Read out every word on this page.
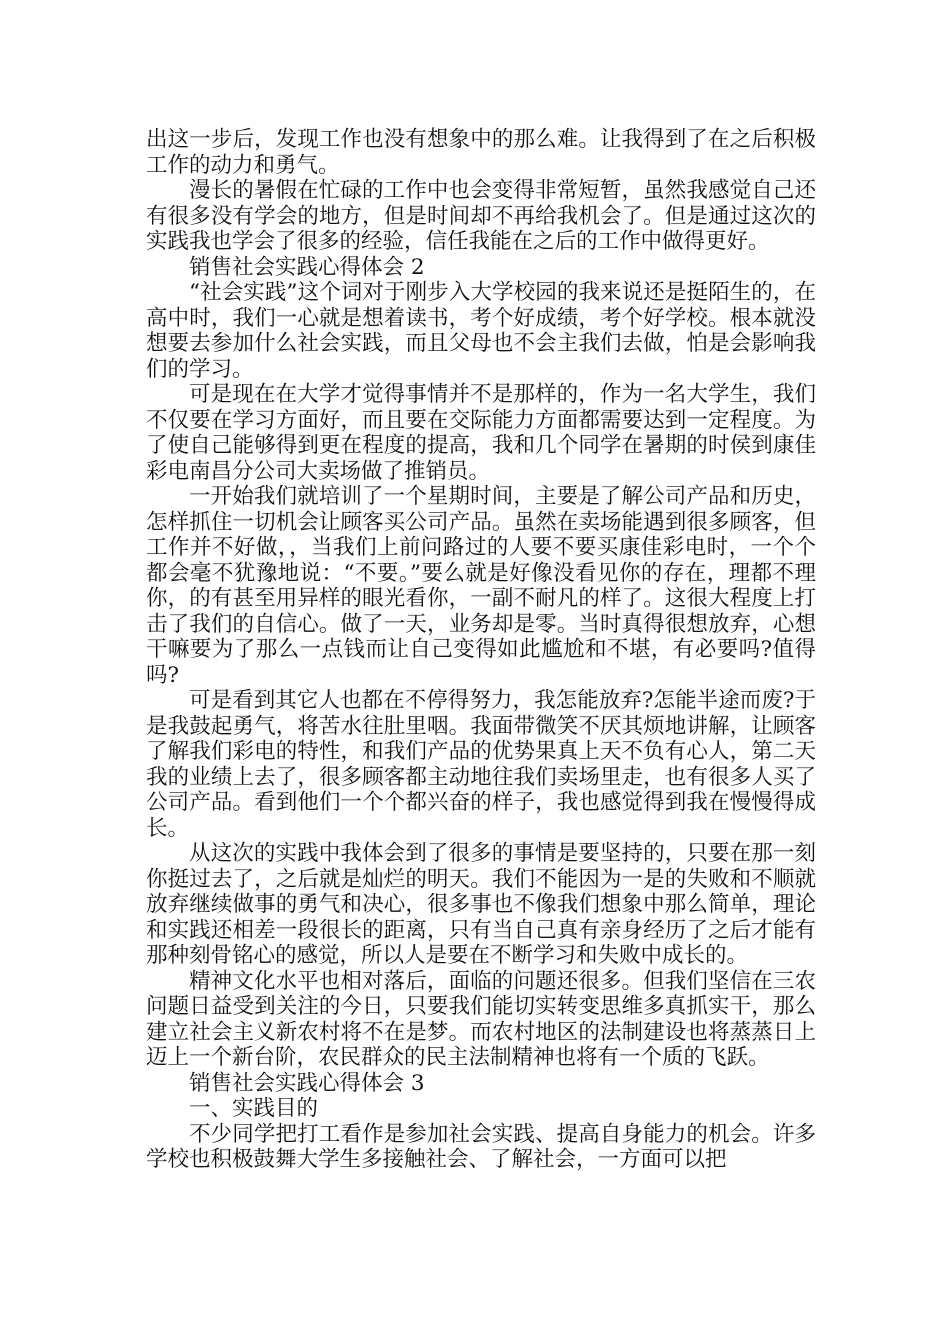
出这一步后，发现工作也没有想象中的那么难。让我得到了在之后积极工作的动力和勇气。

漫长的暑假在忙碌的工作中也会变得非常短暂，虽然我感觉自己还有很多没有学会的地方，但是时间却不再给我机会了。但是通过这次的实践我也学会了很多的经验，信任我能在之后的工作中做得更好。

销售社会实践心得体会 2

“社会实践”这个词对于刚步入大学校园的我来说还是挺陌生的，在高中时，我们一心就是想着读书，考个好成绩，考个好学校。根本就没想要去参加什么社会实践，而且父母也不会主我们去做，怕是会影响我们的学习。

可是现在在大学才觉得事情并不是那样的，作为一名大学生，我们不仅要在学习方面好，而且要在交际能力方面都需要达到一定程度。为了使自己能够得到更在程度的提高，我和几个同学在暑期的时侯到康佳彩电南昌分公司大卖场做了推销员。

一开始我们就培训了一个星期时间，主要是了解公司产品和历史，怎样抓住一切机会让顾客买公司产品。虽然在卖场能遇到很多顾客，但工作并不好做，，当我们上前问路过的人要不要买康佳彩电时，一个个都会毫不犹豫地说：“不要。”要么就是好像没看见你的存在，理都不理你，的有甚至用异样的眼光看你，一副不耐凡的样了。这很大程度上打击了我们的自信心。做了一天，业务却是零。当时真得很想放弃，心想干嘛要为了那么一点钱而让自己变得如此尴尬和不堪，有必要吗?值得吗?

可是看到其它人也都在不停得努力，我怎能放弃?怎能半途而废?于是我鼓起勇气，将苦水往肚里咽。我面带微笑不厌其烦地讲解，让顾客了解我们彩电的特性，和我们产品的优势果真上天不负有心人，第二天我的业绩上去了，很多顾客都主动地往我们卖场里走，也有很多人买了公司产品。看到他们一个个都兴奋的样子，我也感觉得到我在慢慢得成长。

从这次的实践中我体会到了很多的事情是要坚持的，只要在那一刻你挺过去了，之后就是灿烂的明天。我们不能因为一是的失败和不顺就放弃继续做事的勇气和决心，很多事也不像我们想象中那么简单，理论和实践还相差一段很长的距离，只有当自己真有亲身经历了之后才能有那种刻骨铭心的感觉，所以人是要在不断学习和失败中成长的。

精神文化水平也相对落后，面临的问题还很多。但我们坚信在三农问题日益受到关注的今日，只要我们能切实转变思维多真抓实干，那么建立社会主义新农村将不在是梦。而农村地区的法制建设也将蒸蒸日上迈上一个新台阶，农民群众的民主法制精神也将有一个质的飞跃。

销售社会实践心得体会 3

一、实践目的

不少同学把打工看作是参加社会实践、提高自身能力的机会。许多学校也积极鼓舞大学生多接触社会、了解社会，一方面可以把
